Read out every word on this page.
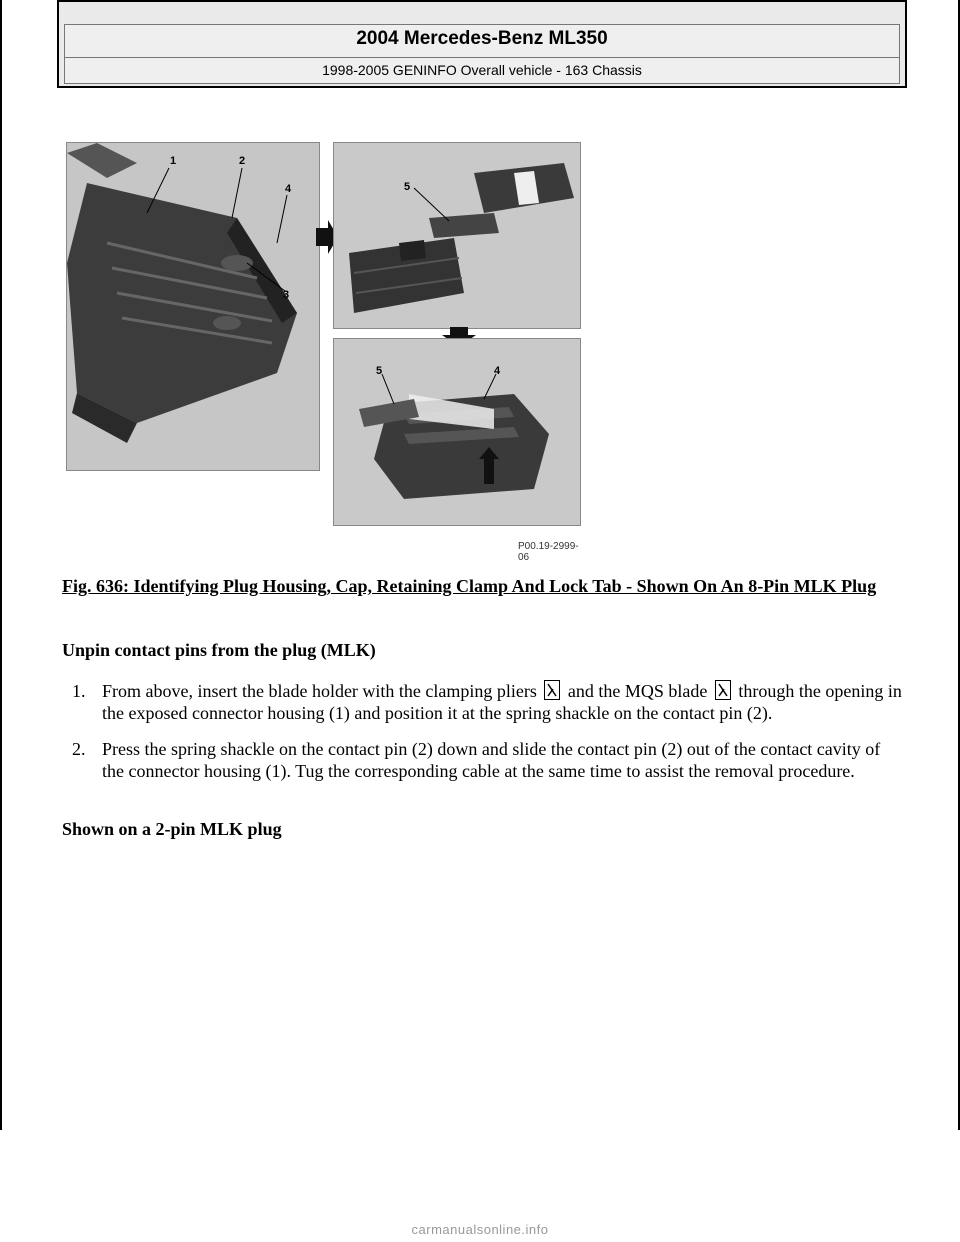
2004 Mercedes-Benz ML350
1998-2005 GENINFO Overall vehicle - 163 Chassis
1	2
4
3
5
5	4
P00.19-2999-06
Fig. 636: Identifying Plug Housing, Cap, Retaining Clamp And Lock Tab - Shown On An 8-Pin MLK Plug
Unpin contact pins from the plug (MLK)
1. From above, insert the blade holder with the clamping pliers and the MQS blade through the opening in the exposed connector housing (1) and position it at the spring shackle on the contact pin (2).
2. Press the spring shackle on the contact pin (2) down and slide the contact pin (2) out of the contact cavity of the connector housing (1). Tug the corresponding cable at the same time to assist the removal procedure.
Shown on a 2-pin MLK plug
carmanualsonline.info
